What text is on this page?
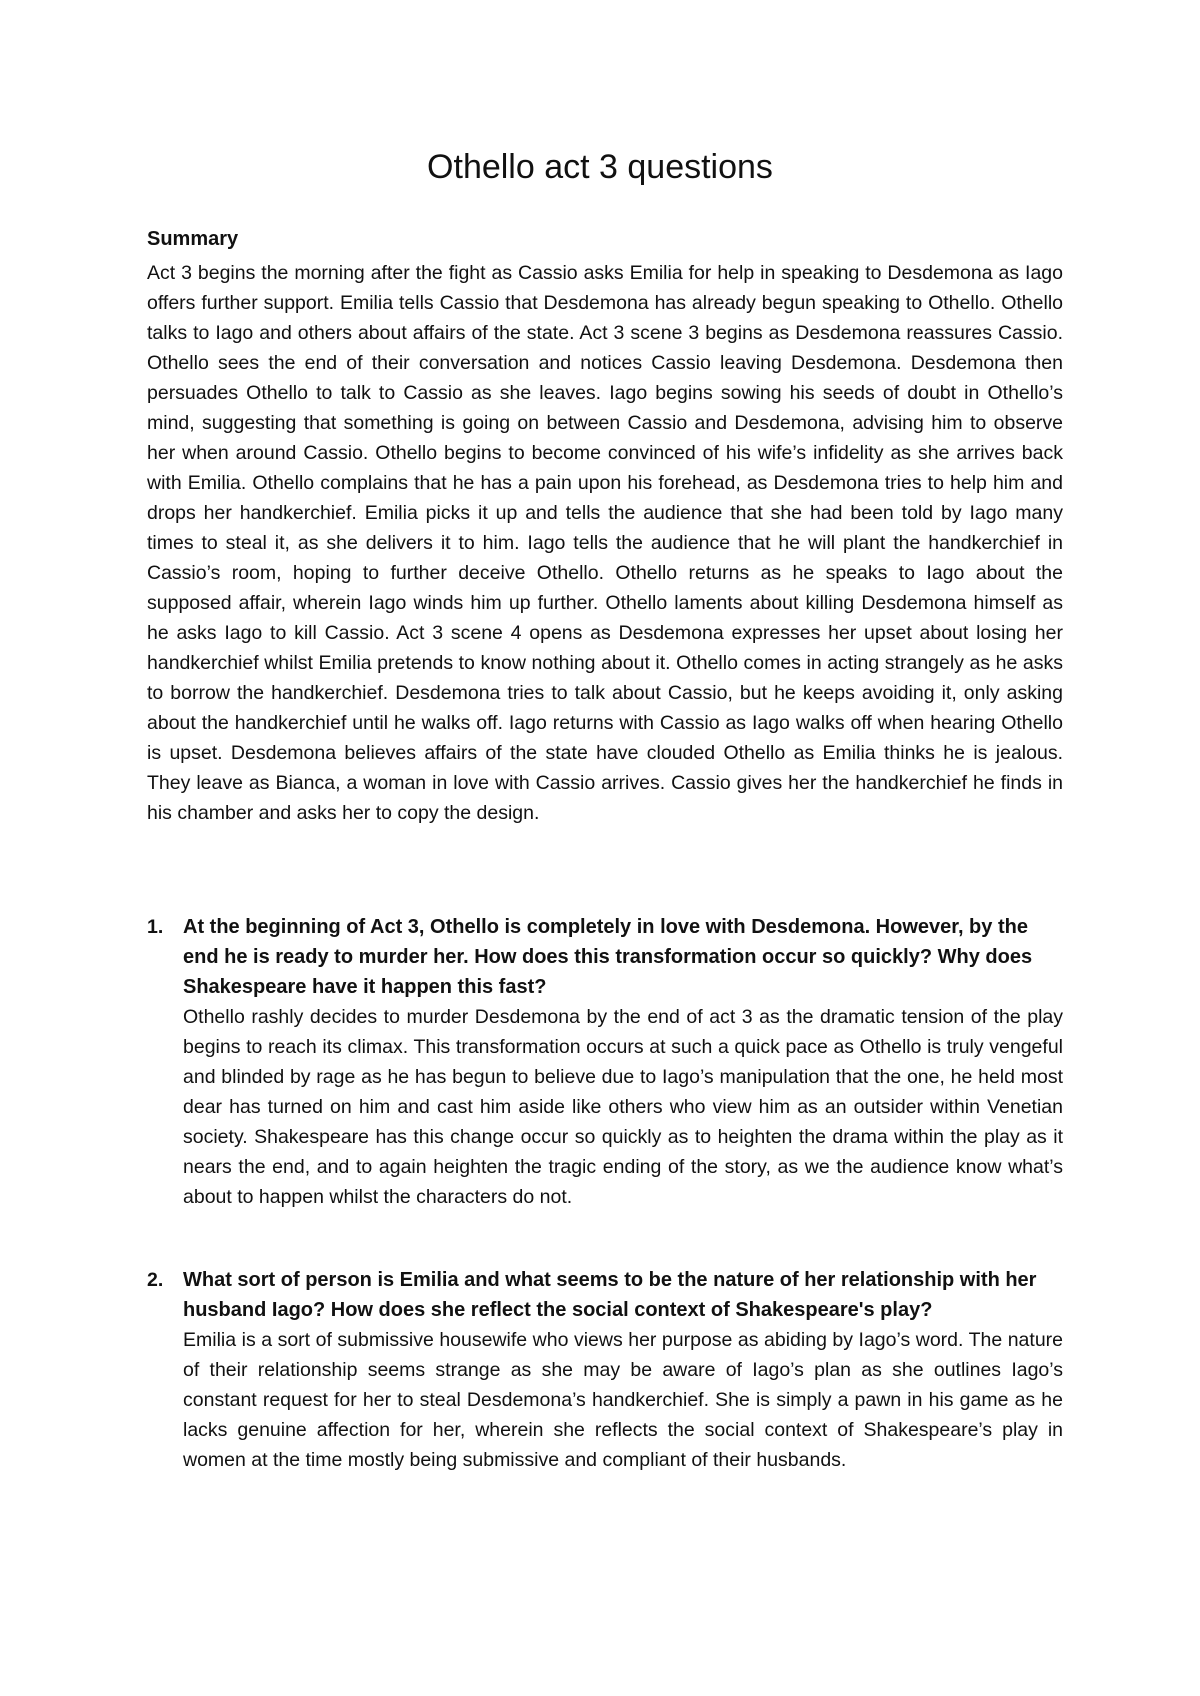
Othello act 3 questions
Summary

Act 3 begins the morning after the fight as Cassio asks Emilia for help in speaking to Desdemona as Iago offers further support. Emilia tells Cassio that Desdemona has already begun speaking to Othello. Othello talks to Iago and others about affairs of the state. Act 3 scene 3 begins as Desdemona reassures Cassio. Othello sees the end of their conversation and notices Cassio leaving Desdemona. Desdemona then persuades Othello to talk to Cassio as she leaves. Iago begins sowing his seeds of doubt in Othello’s mind, suggesting that something is going on between Cassio and Desdemona, advising him to observe her when around Cassio. Othello begins to become convinced of his wife’s infidelity as she arrives back with Emilia. Othello complains that he has a pain upon his forehead, as Desdemona tries to help him and drops her handkerchief. Emilia picks it up and tells the audience that she had been told by Iago many times to steal it, as she delivers it to him. Iago tells the audience that he will plant the handkerchief in Cassio’s room, hoping to further deceive Othello. Othello returns as he speaks to Iago about the supposed affair, wherein Iago winds him up further. Othello laments about killing Desdemona himself as he asks Iago to kill Cassio. Act 3 scene 4 opens as Desdemona expresses her upset about losing her handkerchief whilst Emilia pretends to know nothing about it. Othello comes in acting strangely as he asks to borrow the handkerchief. Desdemona tries to talk about Cassio, but he keeps avoiding it, only asking about the handkerchief until he walks off. Iago returns with Cassio as Iago walks off when hearing Othello is upset. Desdemona believes affairs of the state have clouded Othello as Emilia thinks he is jealous. They leave as Bianca, a woman in love with Cassio arrives. Cassio gives her the handkerchief he finds in his chamber and asks her to copy the design.

1. At the beginning of Act 3, Othello is completely in love with Desdemona. However, by the end he is ready to murder her. How does this transformation occur so quickly? Why does Shakespeare have it happen this fast?

Othello rashly decides to murder Desdemona by the end of act 3 as the dramatic tension of the play begins to reach its climax. This transformation occurs at such a quick pace as Othello is truly vengeful and blinded by rage as he has begun to believe due to Iago’s manipulation that the one, he held most dear has turned on him and cast him aside like others who view him as an outsider within Venetian society. Shakespeare has this change occur so quickly as to heighten the drama within the play as it nears the end, and to again heighten the tragic ending of the story, as we the audience know what’s about to happen whilst the characters do not.

2. What sort of person is Emilia and what seems to be the nature of her relationship with her husband Iago? How does she reflect the social context of Shakespeare's play?

Emilia is a sort of submissive housewife who views her purpose as abiding by Iago’s word. The nature of their relationship seems strange as she may be aware of Iago’s plan as she outlines Iago’s constant request for her to steal Desdemona’s handkerchief. She is simply a pawn in his game as he lacks genuine affection for her, wherein she reflects the social context of Shakespeare’s play in women at the time mostly being submissive and compliant of their husbands.
